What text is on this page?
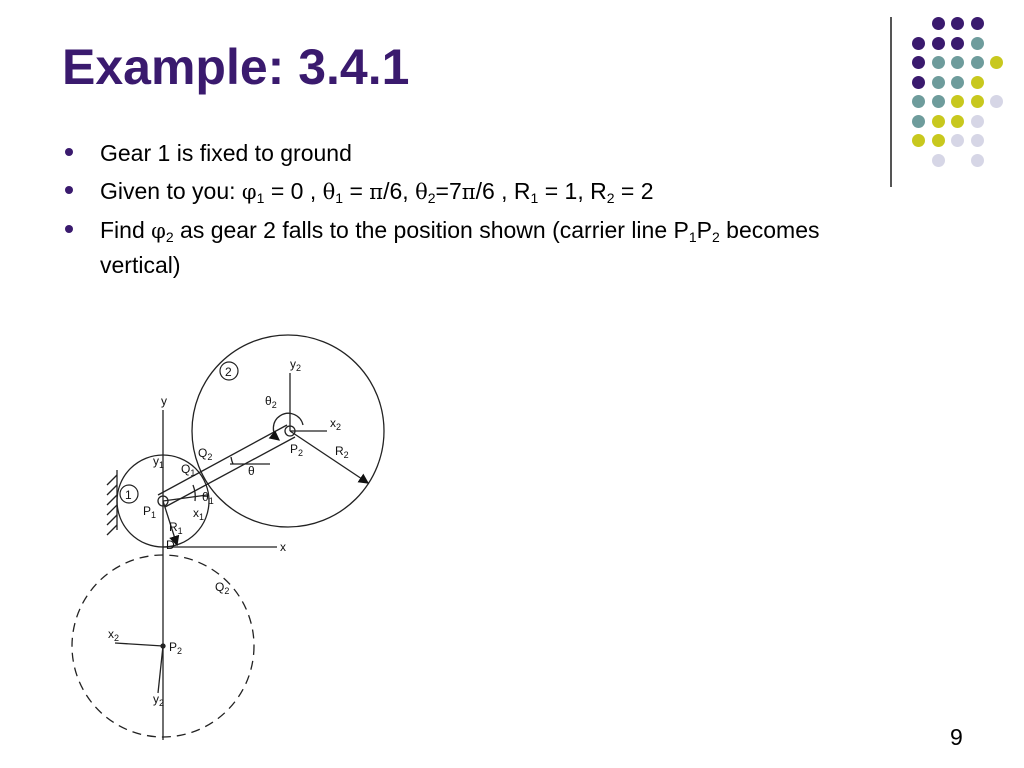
Example: 3.4.1
Gear 1 is fixed to ground
Given to you: $\varphi_1 = 0$ , $\theta_1 = \pi/6$, $\theta_2=7\pi/6$ , $R_1 = 1$, $R_2 = 2$
Find $\varphi_2$ as gear 2 falls to the position shown (carrier line $P_1P_2$ becomes vertical)
2
1
y
x
$y_2$
$x_2$
$\theta_2$
$P_2$	$R_2$
$Q_2$
$Q_1$	θ
$y_1$
$P_1$
$\theta_1$
$x_1$
$R_1$
D
$Q_2$
$x_2$
$P_2$
$y_2$
9
